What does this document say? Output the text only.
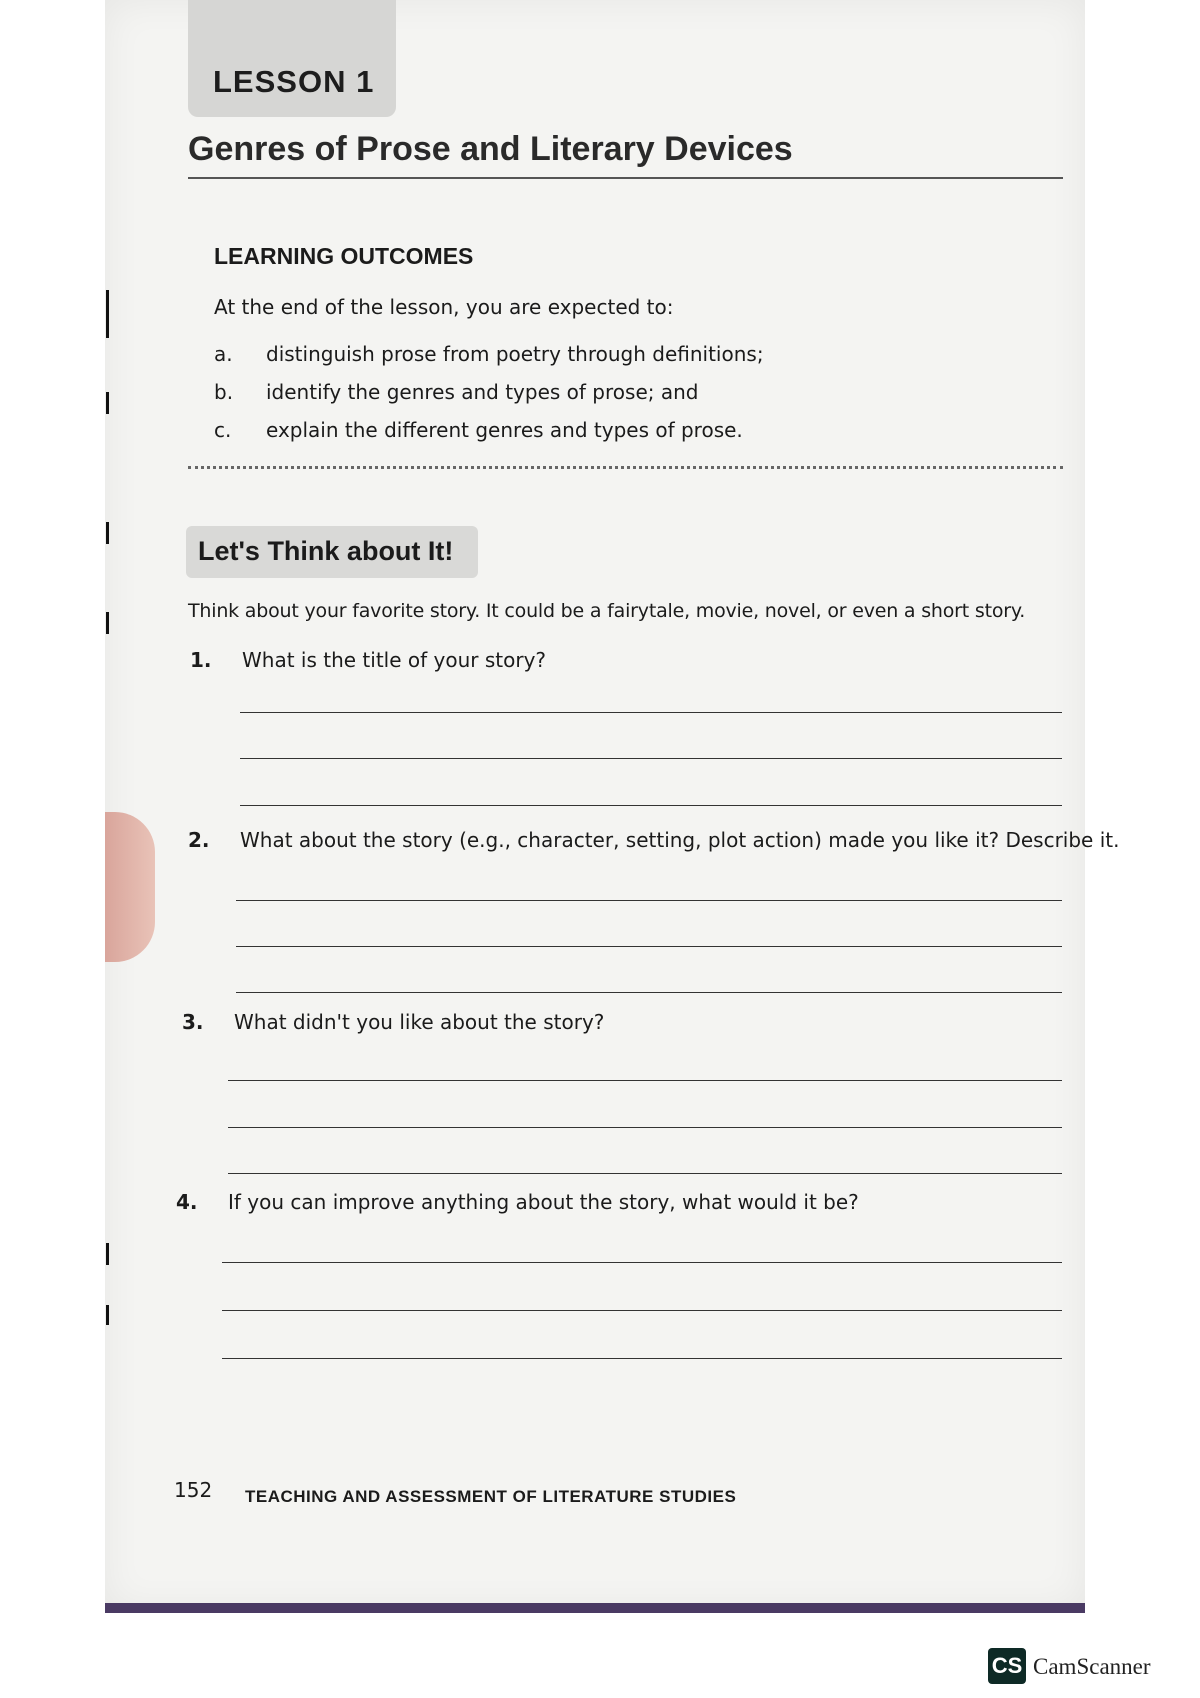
LESSON 1
Genres of Prose and Literary Devices
LEARNING OUTCOMES
At the end of the lesson, you are expected to:
a.	distinguish prose from poetry through definitions;
b.	identify the genres and types of prose; and
c.	explain the different genres and types of prose.
Let's Think about It!
Think about your favorite story. It could be a fairytale, movie, novel, or even a short story.
1.	What is the title of your story?
2.	What about the story (e.g., character, setting, plot action) made you like it? Describe it.
3.	What didn't you like about the story?
4.	If you can improve anything about the story, what would it be?
152 TEACHING AND ASSESSMENT OF LITERATURE STUDIES
CS CamScanner
